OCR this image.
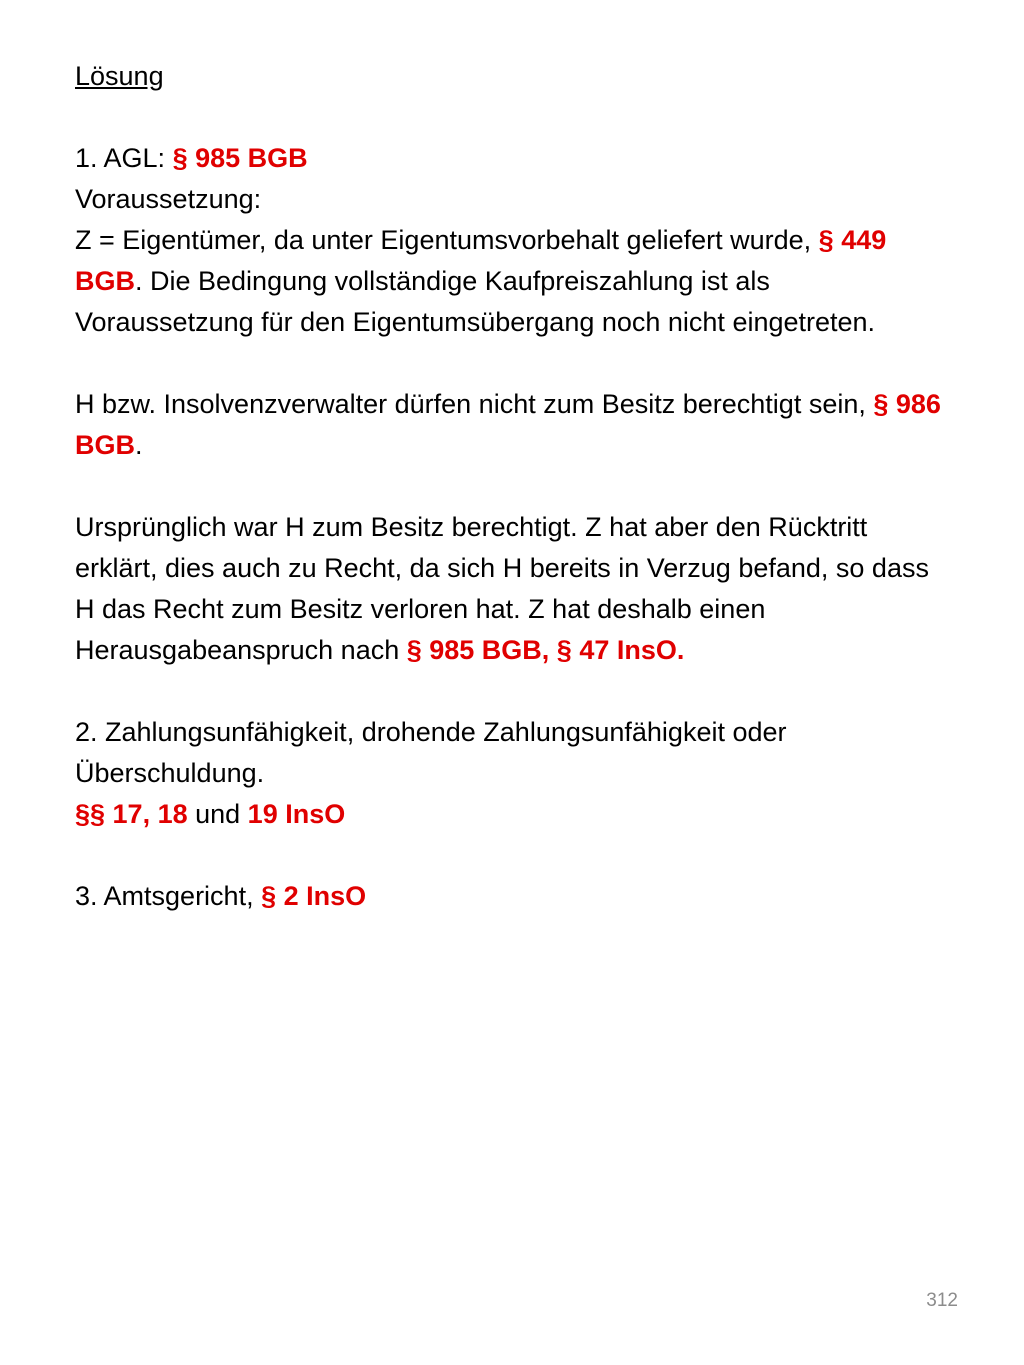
Lösung
1. AGL: § 985 BGB
Voraussetzung:
Z = Eigentümer, da unter Eigentumsvorbehalt geliefert wurde, § 449 BGB. Die Bedingung vollständige Kaufpreiszahlung ist als Voraussetzung für den Eigentumsübergang noch nicht eingetreten.
H bzw. Insolvenzverwalter dürfen nicht zum Besitz berechtigt sein, § 986 BGB.
Ursprünglich war H zum Besitz berechtigt. Z hat aber den Rücktritt erklärt, dies auch zu Recht, da sich H bereits in Verzug befand, so dass H das Recht zum Besitz verloren hat. Z hat deshalb einen Herausgabeanspruch nach § 985 BGB, § 47 InsO.
2. Zahlungsunfähigkeit, drohende Zahlungsunfähigkeit oder Überschuldung.
§§ 17, 18 und 19 InsO
3. Amtsgericht, § 2 InsO
312
